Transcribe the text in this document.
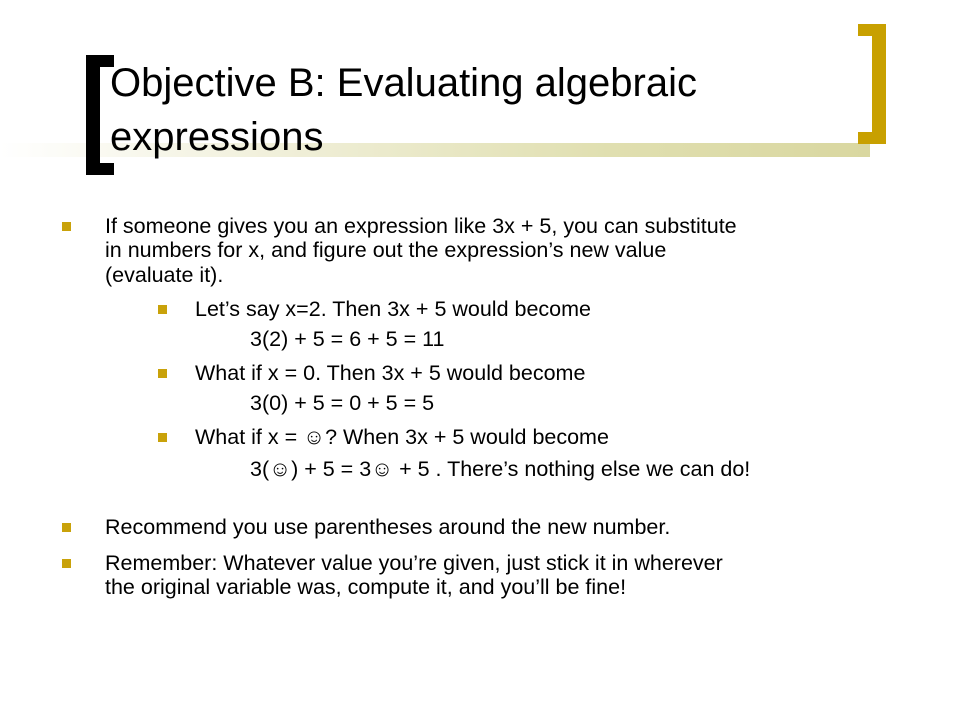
Objective B: Evaluating algebraic expressions

If someone gives you an expression like 3x + 5, you can substitute

in numbers for x, and figure out the expression’s new value

(evaluate it).

Let’s say x=2. Then 3x + 5 would become

3(2) + 5 = 6 + 5 = 11

What if x = 0. Then 3x + 5 would become

3(0) + 5 = 0 + 5 = 5

What if x = ☺? When 3x + 5 would become

3(☺) + 5 = 3☺ + 5 . There’s nothing else we can do!

Recommend you use parentheses around the new number.

Remember: Whatever value you’re given, just stick it in wherever

the original variable was, compute it, and you’ll be fine!
